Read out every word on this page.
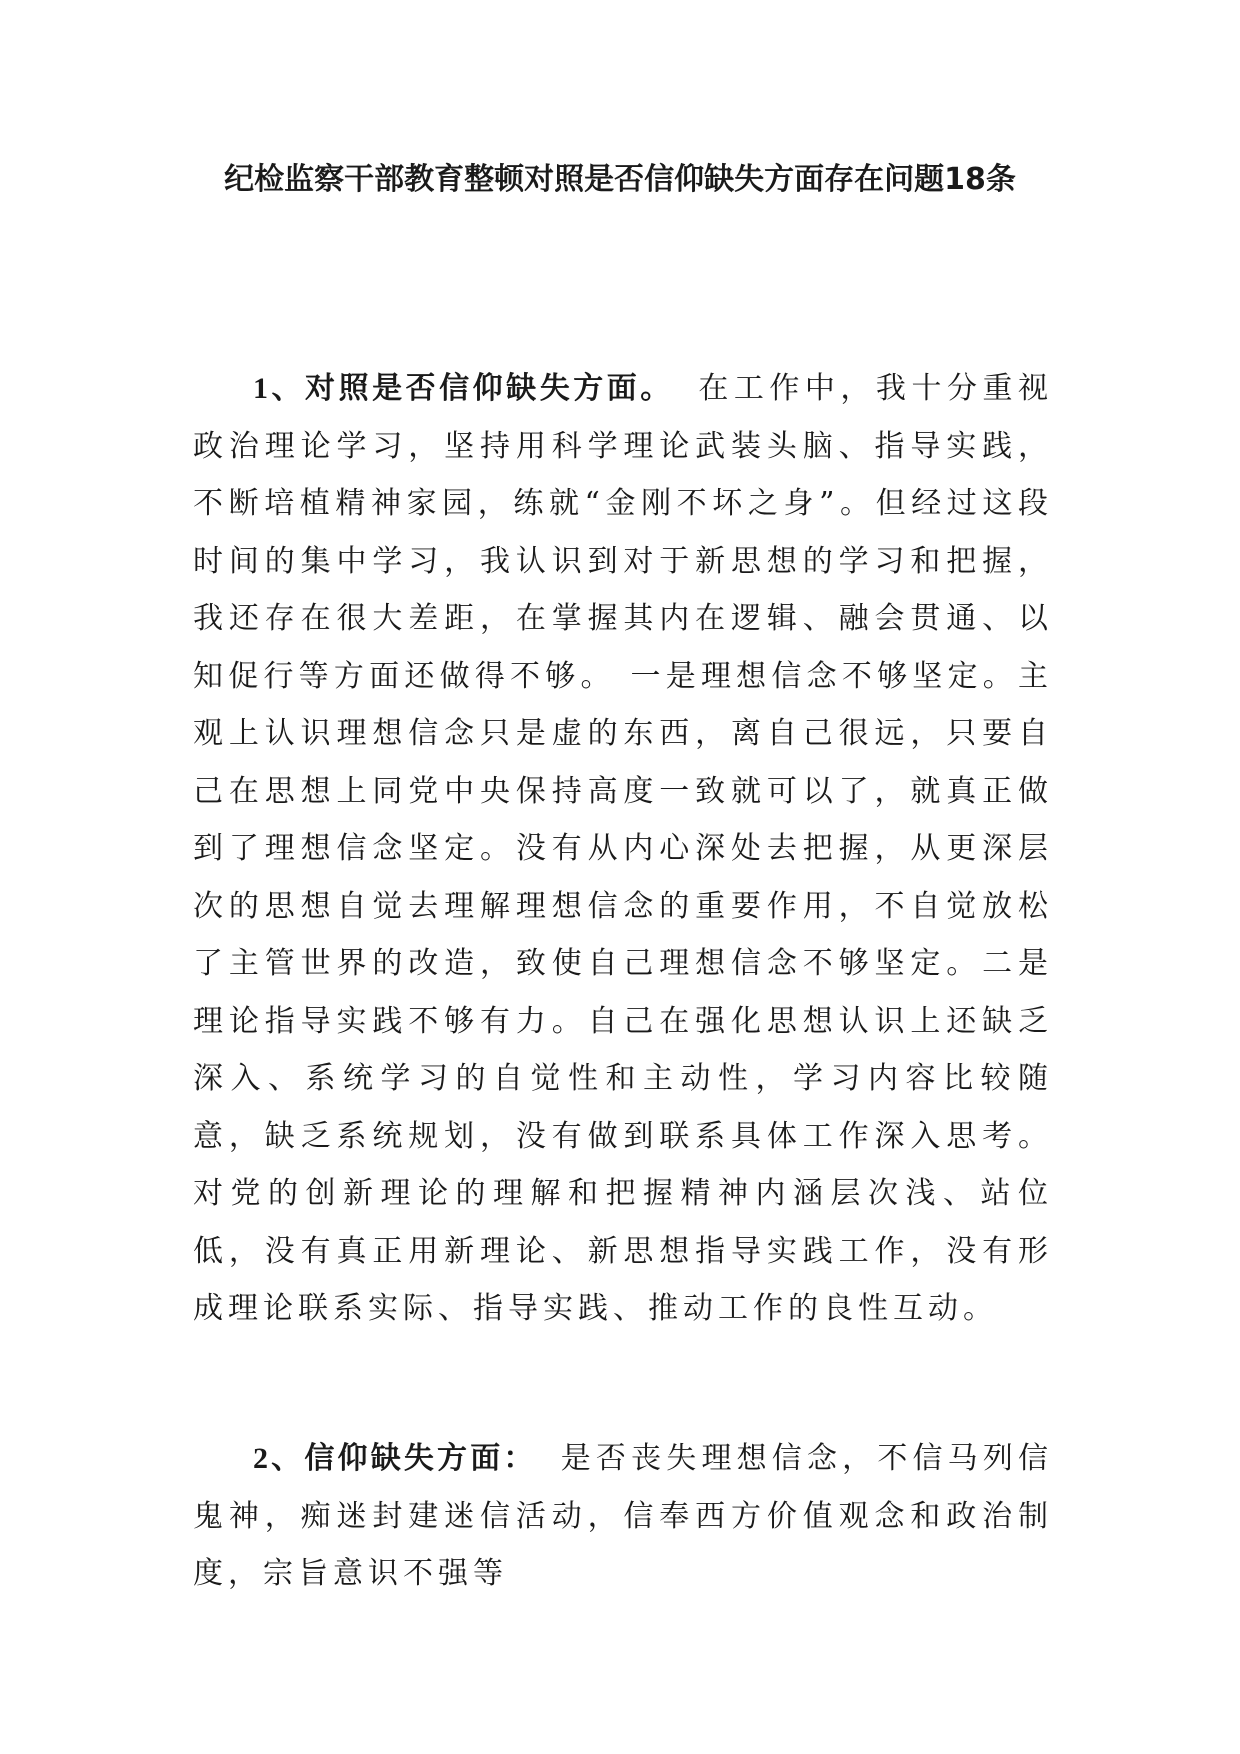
纪检监察干部教育整顿对照是否信仰缺失方面存在问题18条
1、对照是否信仰缺失方面。 在工作中，我十分重视政治理论学习，坚持用科学理论武装头脑、指导实践，不断培植精神家园，练就“金刚不坏之身”。但经过这段时间的集中学习，我认识到对于新思想的学习和把握，我还存在很大差距，在掌握其内在逻辑、融会贯通、以知促行等方面还做得不够。 一是理想信念不够坚定。主观上认识理想信念只是虚的东西，离自己很远，只要自己在思想上同党中央保持高度一致就可以了，就真正做到了理想信念坚定。没有从内心深处去把握，从更深层次的思想自觉去理解理想信念的重要作用，不自觉放松了主管世界的改造，致使自己理想信念不够坚定。二是理论指导实践不够有力。自己在强化思想认识上还缺乏深入、系统学习的自觉性和主动性，学习内容比较随意，缺乏系统规划，没有做到联系具体工作深入思考。对党的创新理论的理解和把握精神内涵层次浅、站位低，没有真正用新理论、新思想指导实践工作，没有形成理论联系实际、指导实践、推动工作的良性互动。
2、信仰缺失方面： 是否丧失理想信念，不信马列信鬼神，痴迷封建迷信活动，信奉西方价值观念和政治制度，宗旨意识不强等
